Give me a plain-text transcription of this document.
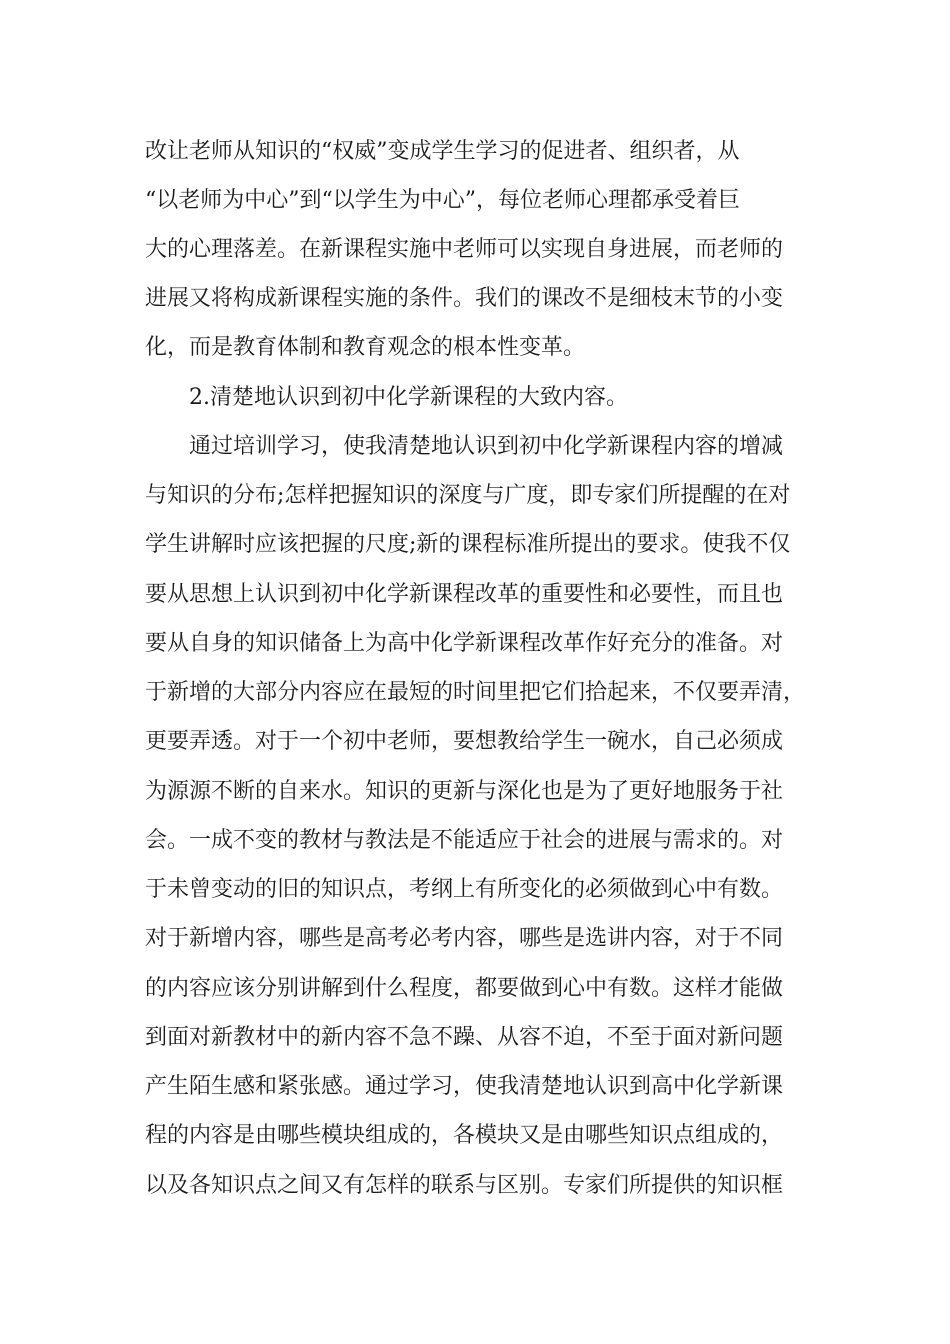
改让老师从知识的“权威”变成学生学习的促进者、组织者，从

“以老师为中心”到“以学生为中心”，每位老师心理都承受着巨

大的心理落差。在新课程实施中老师可以实现自身进展，而老师的

进展又将构成新课程实施的条件。我们的课改不是细枝末节的小变

化，而是教育体制和教育观念的根本性变革。

2.清楚地认识到初中化学新课程的大致内容。

通过培训学习，使我清楚地认识到初中化学新课程内容的增减

与知识的分布;怎样把握知识的深度与广度，即专家们所提醒的在对

学生讲解时应该把握的尺度;新的课程标准所提出的要求。使我不仅

要从思想上认识到初中化学新课程改革的重要性和必要性，而且也

要从自身的知识储备上为高中化学新课程改革作好充分的准备。对

于新增的大部分内容应在最短的时间里把它们拾起来，不仅要弄清，

更要弄透。对于一个初中老师，要想教给学生一碗水，自己必须成

为源源不断的自来水。知识的更新与深化也是为了更好地服务于社

会。一成不变的教材与教法是不能适应于社会的进展与需求的。对

于未曾变动的旧的知识点，考纲上有所变化的必须做到心中有数。

对于新增内容，哪些是高考必考内容，哪些是选讲内容，对于不同

的内容应该分别讲解到什么程度，都要做到心中有数。这样才能做

到面对新教材中的新内容不急不躁、从容不迫，不至于面对新问题

产生陌生感和紧张感。通过学习，使我清楚地认识到高中化学新课

程的内容是由哪些模块组成的，各模块又是由哪些知识点组成的，

以及各知识点之间又有怎样的联系与区别。专家们所提供的知识框
